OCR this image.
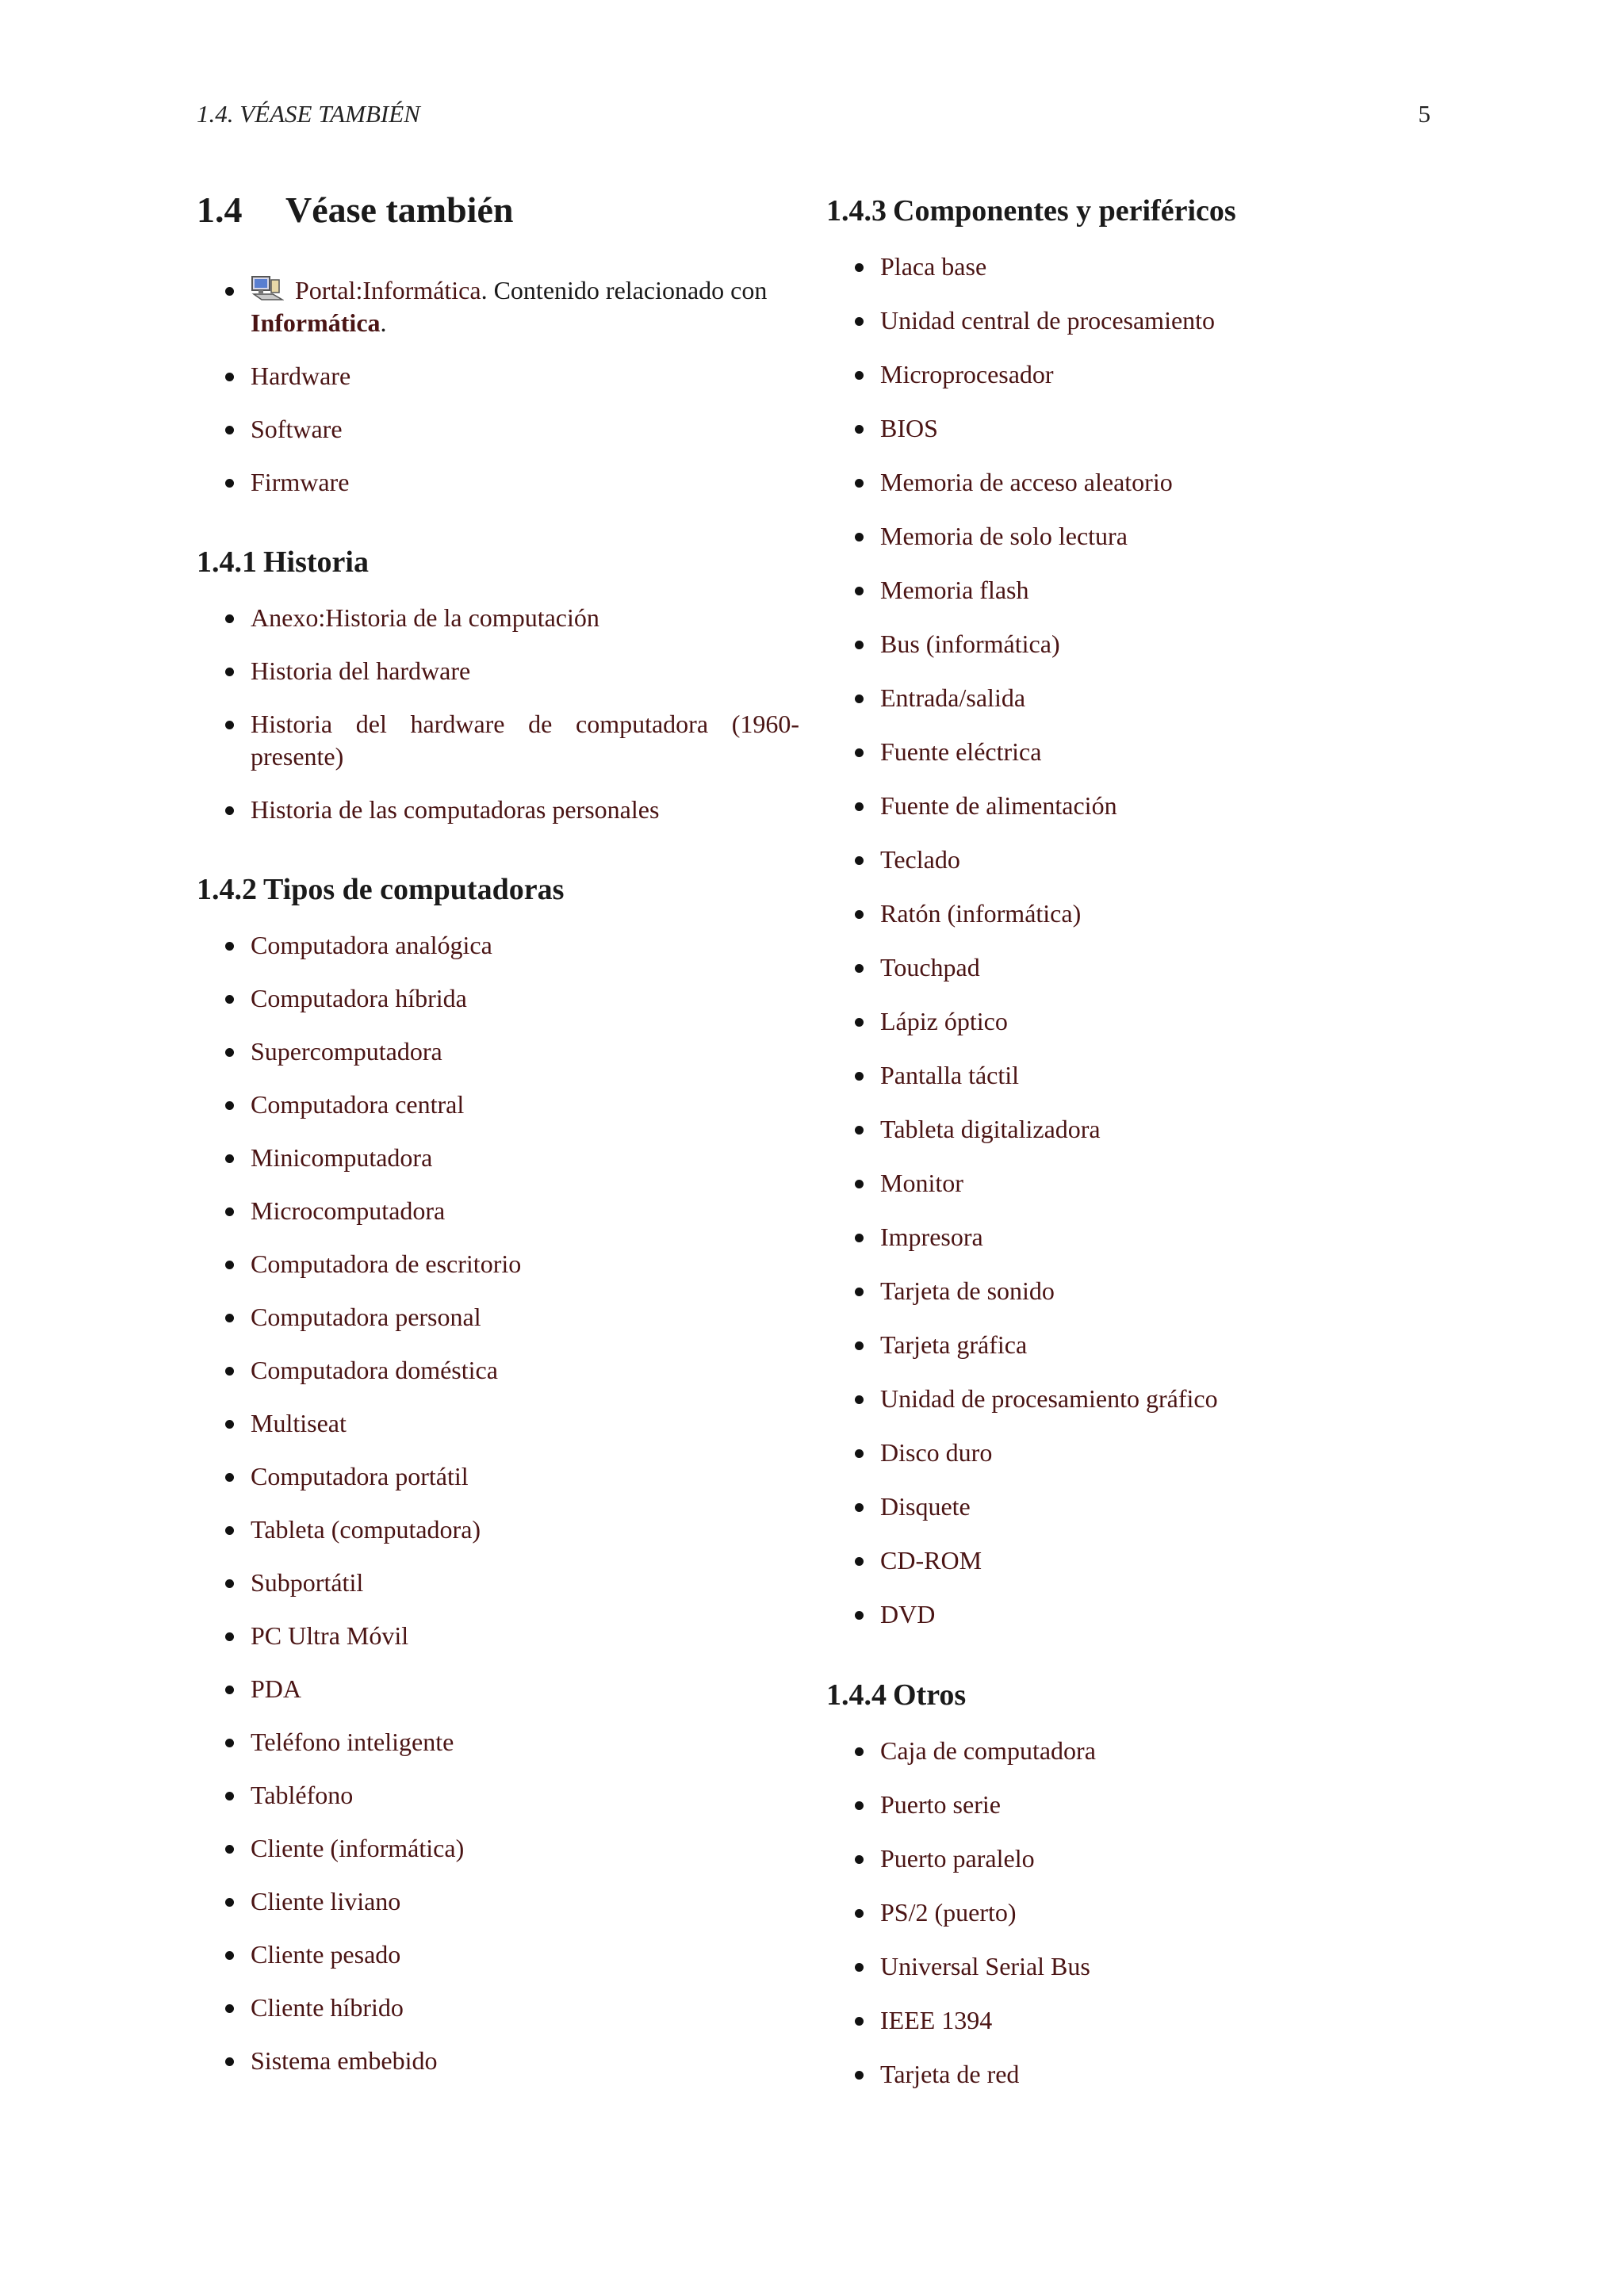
1.4. VÉASE TAMBIÉN	5
1.4 Véase también
Portal:Informática. Contenido relacionado con Informática.
Hardware
Software
Firmware
1.4.1 Historia
Anexo:Historia de la computación
Historia del hardware
Historia del hardware de computadora (1960-presente)
Historia de las computadoras personales
1.4.2 Tipos de computadoras
Computadora analógica
Computadora híbrida
Supercomputadora
Computadora central
Minicomputadora
Microcomputadora
Computadora de escritorio
Computadora personal
Computadora doméstica
Multiseat
Computadora portátil
Tableta (computadora)
Subportátil
PC Ultra Móvil
PDA
Teléfono inteligente
Tabléfono
Cliente (informática)
Cliente liviano
Cliente pesado
Cliente híbrido
Sistema embebido
1.4.3 Componentes y periféricos
Placa base
Unidad central de procesamiento
Microprocesador
BIOS
Memoria de acceso aleatorio
Memoria de solo lectura
Memoria flash
Bus (informática)
Entrada/salida
Fuente eléctrica
Fuente de alimentación
Teclado
Ratón (informática)
Touchpad
Lápiz óptico
Pantalla táctil
Tableta digitalizadora
Monitor
Impresora
Tarjeta de sonido
Tarjeta gráfica
Unidad de procesamiento gráfico
Disco duro
Disquete
CD-ROM
DVD
1.4.4 Otros
Caja de computadora
Puerto serie
Puerto paralelo
PS/2 (puerto)
Universal Serial Bus
IEEE 1394
Tarjeta de red
